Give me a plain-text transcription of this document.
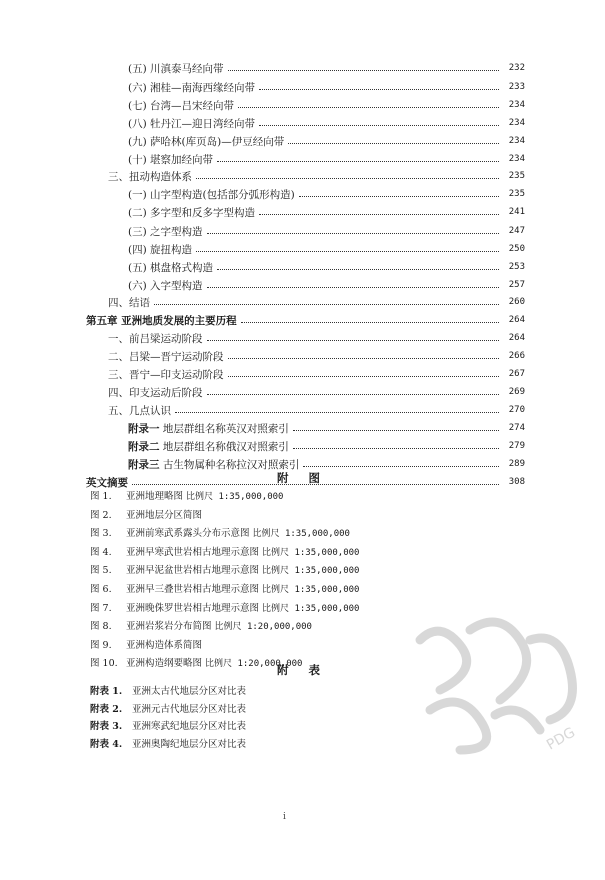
(五) 川滇泰马经向带	232
(六) 湘桂—南海西缘经向带	233
(七) 台湾—吕宋经向带	234
(八) 牡丹江—迎日湾经向带	234
(九) 萨哈林(库页岛)—伊豆经向带	234
(十) 堪察加经向带	234
三、扭动构造体系	235
(一) 山字型构造(包括部分弧形构造)	235
(二) 多字型和反多字型构造	241
(三) 之字型构造	247
(四) 旋扭构造	250
(五) 棋盘格式构造	253
(六) 入字型构造	257
四、结语	260
第五章 亚洲地质发展的主要历程	264
一、前吕梁运动阶段	264
二、吕梁—晋宁运动阶段	266
三、晋宁—印支运动阶段	267
四、印支运动后阶段	269
五、几点认识	270
附录一 地层群组名称英汉对照索引	274
附录二 地层群组名称俄汉对照索引	279
附录三 古生物属种名称拉汉对照索引	289
英文摘要	308
附 图
图 1. 亚洲地理略图 比例尺 1:35,000,000
图 2. 亚洲地层分区简图
图 3. 亚洲前寒武系露头分布示意图 比例尺 1:35,000,000
图 4. 亚洲早寒武世岩相古地理示意图 比例尺 1:35,000,000
图 5. 亚洲早泥盆世岩相古地理示意图 比例尺 1:35,000,000
图 6. 亚洲早三叠世岩相古地理示意图 比例尺 1:35,000,000
图 7. 亚洲晚侏罗世岩相古地理示意图 比例尺 1:35,000,000
图 8. 亚洲岩浆岩分布简图 比例尺 1:20,000,000
图 9. 亚洲构造体系简图
图 10. 亚洲构造纲要略图 比例尺 1:20,000,000
附 表
附表 1. 亚洲太古代地层分区对比表
附表 2. 亚洲元古代地层分区对比表
附表 3. 亚洲寒武纪地层分区对比表
附表 4. 亚洲奥陶纪地层分区对比表	PDG
i
